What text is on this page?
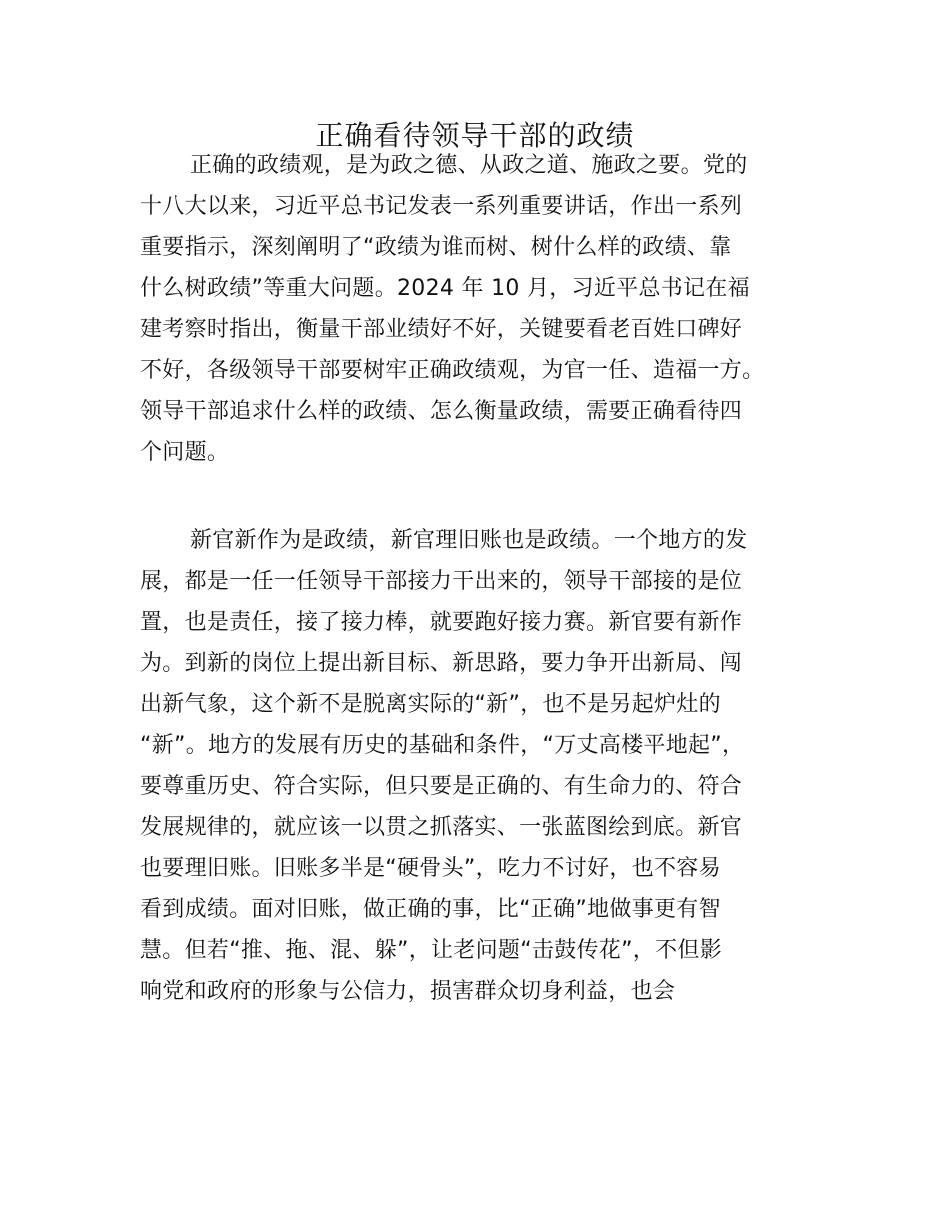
正确看待领导干部的政绩
正确的政绩观，是为政之德、从政之道、施政之要。党的
十八大以来，习近平总书记发表一系列重要讲话，作出一系列
重要指示，深刻阐明了“政绩为谁而树、树什么样的政绩、靠
什么树政绩”等重大问题。2024 年 10 月，习近平总书记在福
建考察时指出，衡量干部业绩好不好，关键要看老百姓口碑好
不好，各级领导干部要树牢正确政绩观，为官一任、造福一方。
领导干部追求什么样的政绩、怎么衡量政绩，需要正确看待四
个问题。
新官新作为是政绩，新官理旧账也是政绩。一个地方的发
展，都是一任一任领导干部接力干出来的，领导干部接的是位
置，也是责任，接了接力棒，就要跑好接力赛。新官要有新作
为。到新的岗位上提出新目标、新思路，要力争开出新局、闯
出新气象，这个新不是脱离实际的“新”，也不是另起炉灶的
“新”。地方的发展有历史的基础和条件，“万丈高楼平地起”，
要尊重历史、符合实际，但只要是正确的、有生命力的、符合
发展规律的，就应该一以贯之抓落实、一张蓝图绘到底。新官
也要理旧账。旧账多半是“硬骨头”，吃力不讨好，也不容易
看到成绩。面对旧账，做正确的事，比“正确”地做事更有智
慧。但若“推、拖、混、躲”，让老问题“击鼓传花”，不但影
响党和政府的形象与公信力，损害群众切身利益，也会
